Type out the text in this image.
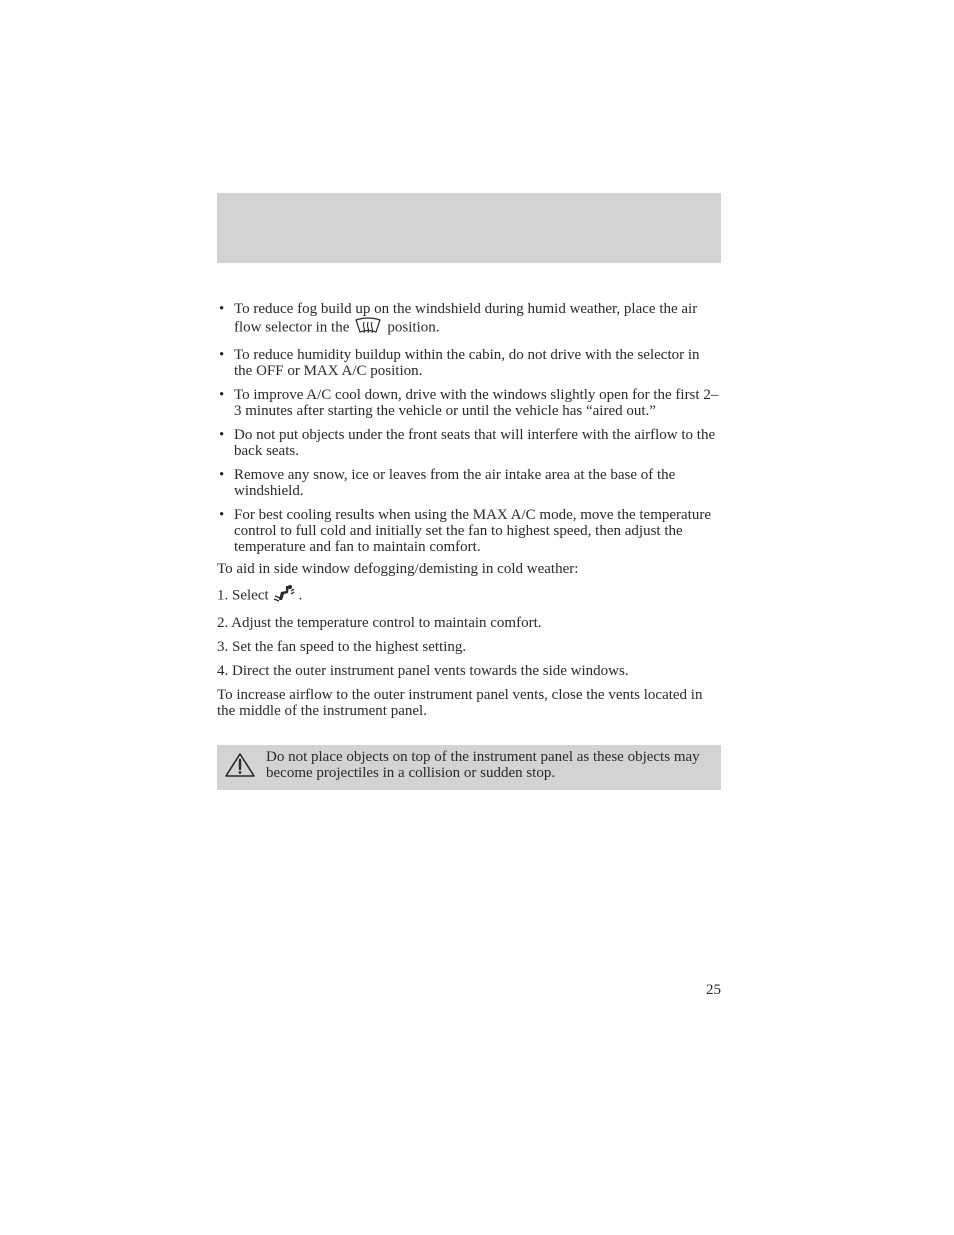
• To reduce fog build up on the windshield during humid weather, place the air flow selector in the	position.
• To reduce humidity buildup within the cabin, do not drive with the selector in the OFF or MAX A/C position.
• To improve A/C cool down, drive with the windows slightly open for the first 2–3 minutes after starting the vehicle or until the vehicle has “aired out.”
• Do not put objects under the front seats that will interfere with the airflow to the back seats.
• Remove any snow, ice or leaves from the air intake area at the base of the windshield.
• For best cooling results when using the MAX A/C mode, move the temperature control to full cold and initially set the fan to highest speed, then adjust the temperature and fan to maintain comfort.

To aid in side window defogging/demisting in cold weather:

1. Select .
2. Adjust the temperature control to maintain comfort.
3. Set the fan speed to the highest setting.
4. Direct the outer instrument panel vents towards the side windows.

To increase airflow to the outer instrument panel vents, close the vents located in the middle of the instrument panel.

Do not place objects on top of the instrument panel as these objects may become projectiles in a collision or sudden stop.
25
